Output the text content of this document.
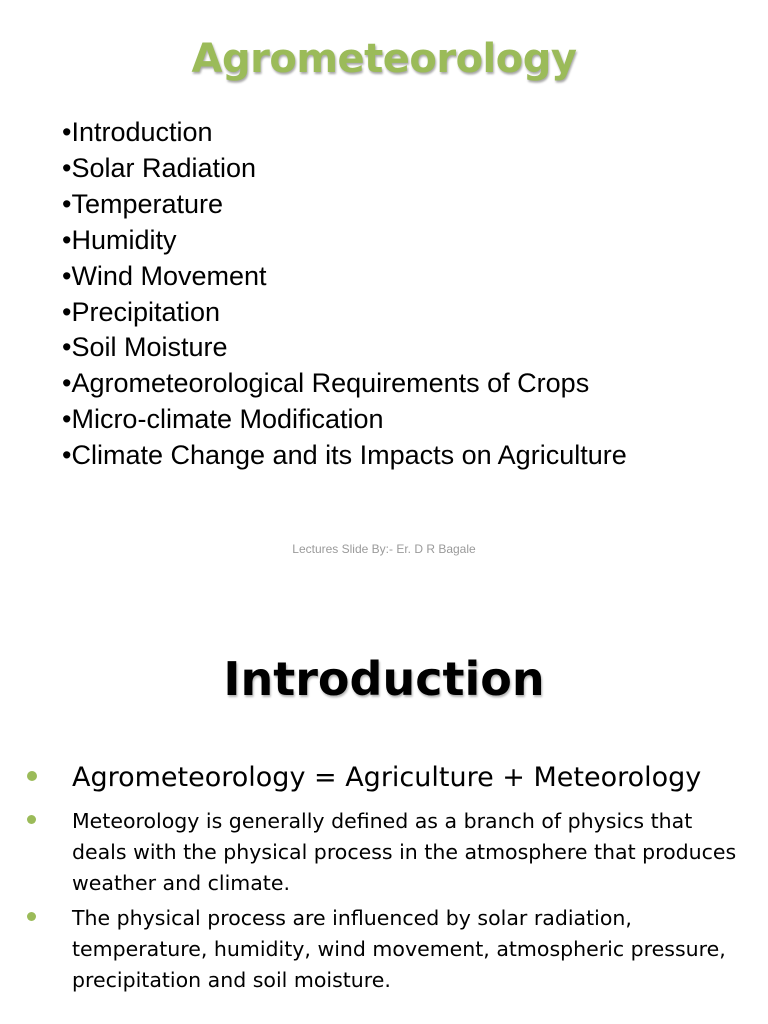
Agrometeorology
•Introduction
•Solar Radiation
•Temperature
•Humidity
•Wind Movement
•Precipitation
•Soil Moisture
•Agrometeorological Requirements of Crops
•Micro-climate Modification
•Climate Change and its Impacts on Agriculture
Lectures Slide By:- Er. D R Bagale
Introduction
Agrometeorology = Agriculture + Meteorology
Meteorology is generally defined as a branch of physics that deals with the physical process in the atmosphere that produces weather and climate.
The physical process are influenced by solar radiation, temperature, humidity, wind movement, atmospheric pressure, precipitation and soil moisture.
